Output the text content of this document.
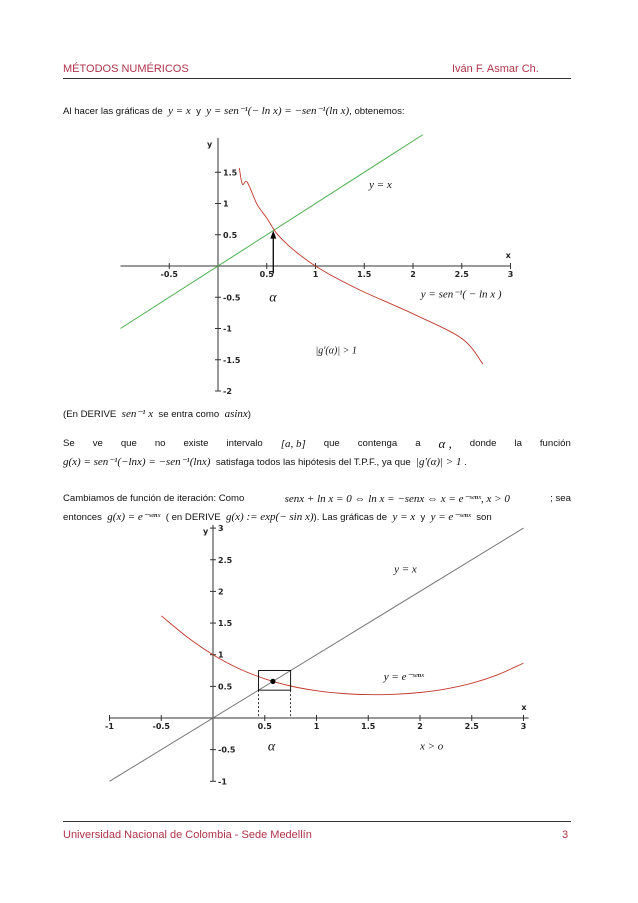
MÉTODOS NUMÉRICOS	Iván F. Asmar Ch.
Al hacer las gráficas de y = x y y = sen⁻¹(− ln x) = −sen⁻¹(ln x), obtenemos:
-0.5	0.5	1	1.5	2	2.5	3
1.5
1
0.5
-0.5
-1
-1.5
-2
y
x
y = x
y = sen⁻¹( − ln x )
α
|g′(α)| > 1
(En DERIVE sen⁻¹ x se entra como asinx)
Se ve que no existe intervalo [a, b] que contenga a α , donde la función
g(x) = sen⁻¹(−lnx) = −sen⁻¹(lnx) satisfaga todos las hipótesis del T.P.F., ya que |g′(α)| > 1 .
Cambiamos de función de iteración: Como	senx + ln x = 0 ⇔ ln x = −senx ⇔ x = e⁻ˢᵉⁿˣ, x > 0	; sea
entonces g(x) = e⁻ˢᵉⁿˣ ( en DERIVE g(x) := exp(− sin x)). Las gráficas de y = x y y = e⁻ˢᵉⁿˣ son
-1	-0.5	0.5	1	1.5	2	2.5	3
3
2.5
2
1.5
1
0.5
-0.5
-1
y
x
y = x
y = e⁻ˢᵉⁿˣ
α	x > o
Universidad Nacional de Colombia - Sede Medellín	3
